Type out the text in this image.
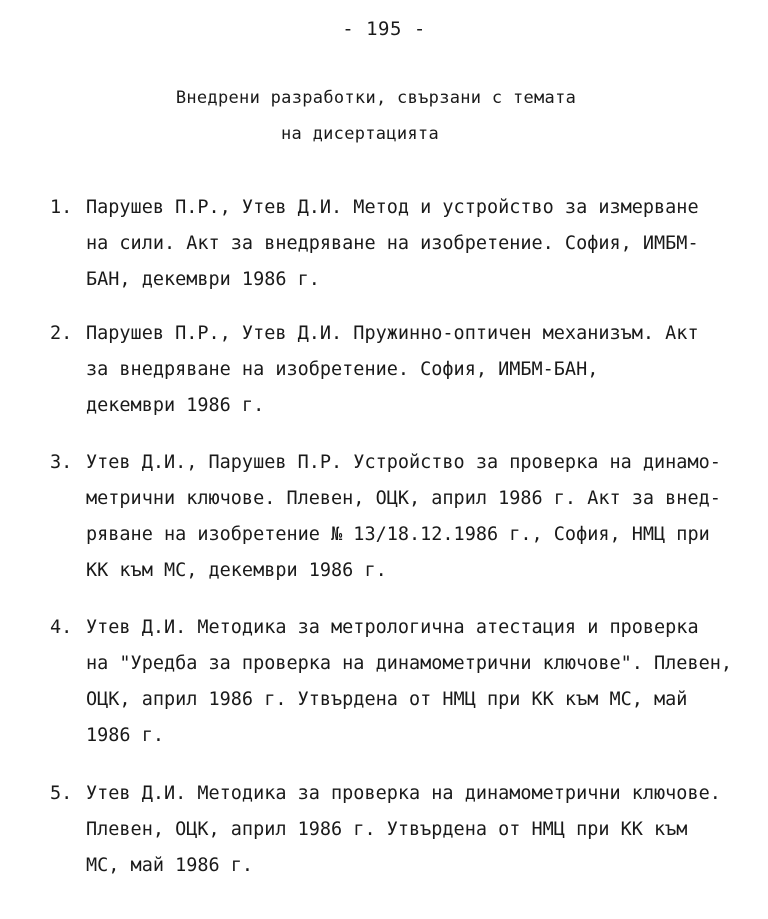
- 195 -
Внедрени разработки, свързани с темата
на дисертацията
1. Парушев П.Р., Утев Д.И. Метод и устройство за измерване
на сили. Акт за внедряване на изобретение. София, ИМБМ-
БАН, декември 1986 г.
2. Парушев П.Р., Утев Д.И. Пружинно-оптичен механизъм. Акт
за внедряване на изобретение. София, ИМБМ-БАН,
декември 1986 г.
3. Утев Д.И., Парушев П.Р. Устройство за проверка на динамо-
метрични ключове. Плевен, ОЦК, април 1986 г. Акт за внед-
ряване на изобретение № 13/18.12.1986 г., София, НМЦ при
КК към МС, декември 1986 г.
4. Утев Д.И. Методика за метрологична атестация и проверка
на "Уредба за проверка на динамометрични ключове". Плевен,
ОЦК, април 1986 г. Утвърдена от НМЦ при КК към МС, май
1986 г.
5. Утев Д.И. Методика за проверка на динамометрични ключове.
Плевен, ОЦК, април 1986 г. Утвърдена от НМЦ при КК към
МС, май 1986 г.
